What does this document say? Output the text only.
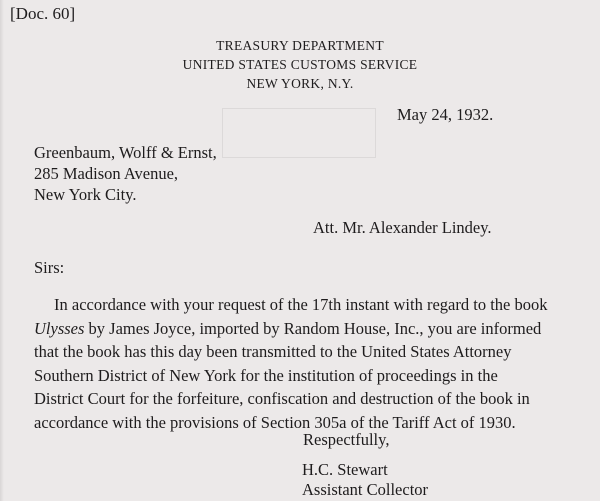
[Doc. 60]
TREASURY DEPARTMENT
UNITED STATES CUSTOMS SERVICE
NEW YORK, N.Y.
May 24, 1932.
Greenbaum, Wolff & Ernst,
285 Madison Avenue,
New York City.
Att. Mr. Alexander Lindey.
Sirs:

In accordance with your request of the 17th instant with regard to the book

Ulysses by James Joyce, imported by Random House, Inc., you are informed

that the book has this day been transmitted to the United States Attorney

Southern District of New York for the institution of proceedings in the

District Court for the forfeiture, confiscation and destruction of the book in

accordance with the provisions of Section 305a of the Tariff Act of 1930.

Respectfully,
H.C. Stewart
Assistant Collector
